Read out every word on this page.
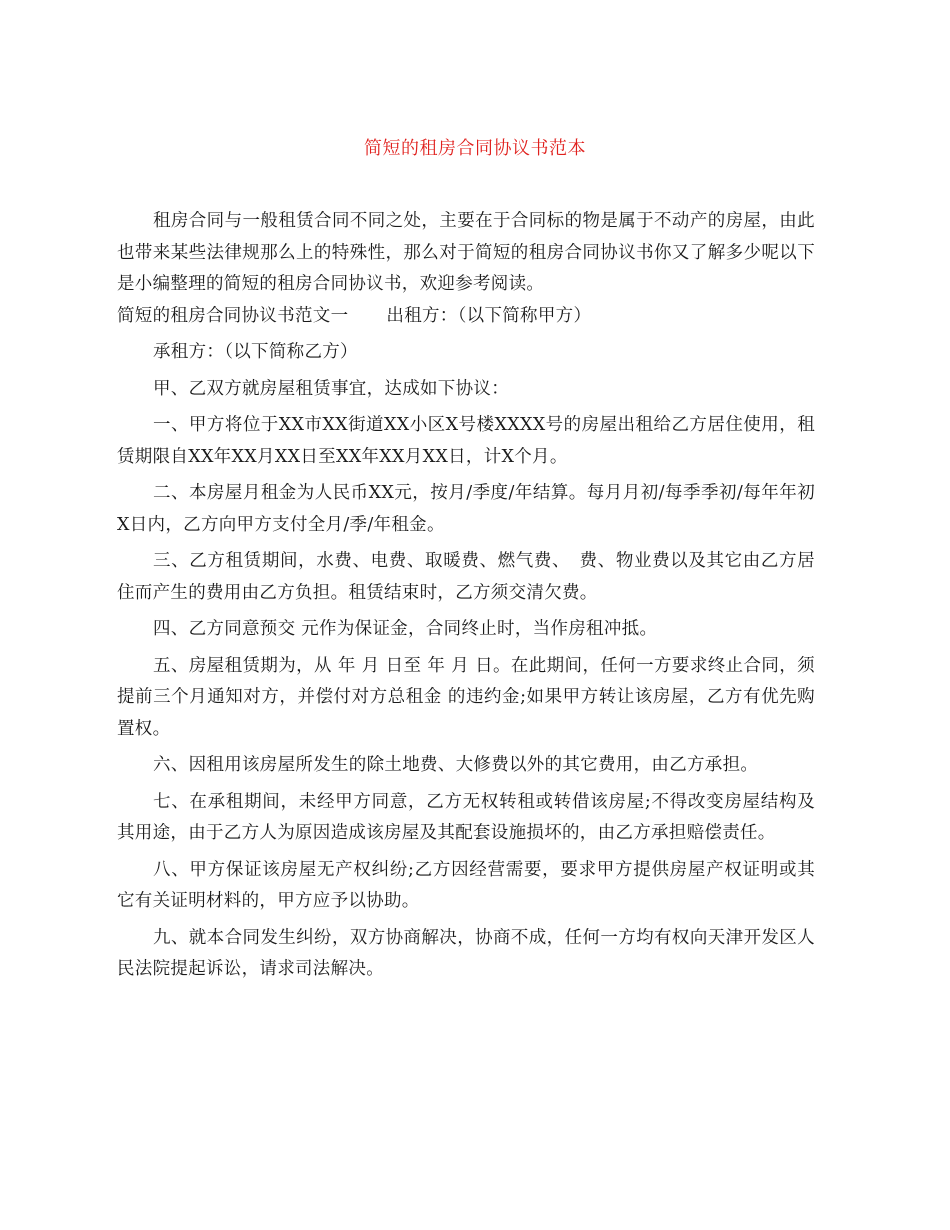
简短的租房合同协议书范本

租房合同与一般租赁合同不同之处，主要在于合同标的物是属于不动产的房屋，由此也带来某些法律规那么上的特殊性，那么对于简短的租房合同协议书你又了解多少呢以下是小编整理的简短的租房合同协议书，欢迎参考阅读。

简短的租房合同协议书范文一 出租方：（以下简称甲方）

承租方：（以下简称乙方）

甲、乙双方就房屋租赁事宜，达成如下协议：

一、甲方将位于XX市XX街道XX小区X号楼XXXX号的房屋出租给乙方居住使用，租赁期限自XX年XX月XX日至XX年XX月XX日，计X个月。

二、本房屋月租金为人民币XX元，按月/季度/年结算。每月月初/每季季初/每年年初X日内，乙方向甲方支付全月/季/年租金。

三、乙方租赁期间，水费、电费、取暖费、燃气费、　费、物业费以及其它由乙方居住而产生的费用由乙方负担。租赁结束时，乙方须交清欠费。

四、乙方同意预交 元作为保证金，合同终止时，当作房租冲抵。

五、房屋租赁期为，从 年 月 日至 年 月 日。在此期间，任何一方要求终止合同，须提前三个月通知对方，并偿付对方总租金 的违约金;如果甲方转让该房屋，乙方有优先购置权。

六、因租用该房屋所发生的除土地费、大修费以外的其它费用，由乙方承担。

七、在承租期间，未经甲方同意，乙方无权转租或转借该房屋;不得改变房屋结构及其用途，由于乙方人为原因造成该房屋及其配套设施损坏的，由乙方承担赔偿责任。

八、甲方保证该房屋无产权纠纷;乙方因经营需要，要求甲方提供房屋产权证明或其它有关证明材料的，甲方应予以协助。

九、就本合同发生纠纷，双方协商解决，协商不成，任何一方均有权向天津开发区人民法院提起诉讼，请求司法解决。
